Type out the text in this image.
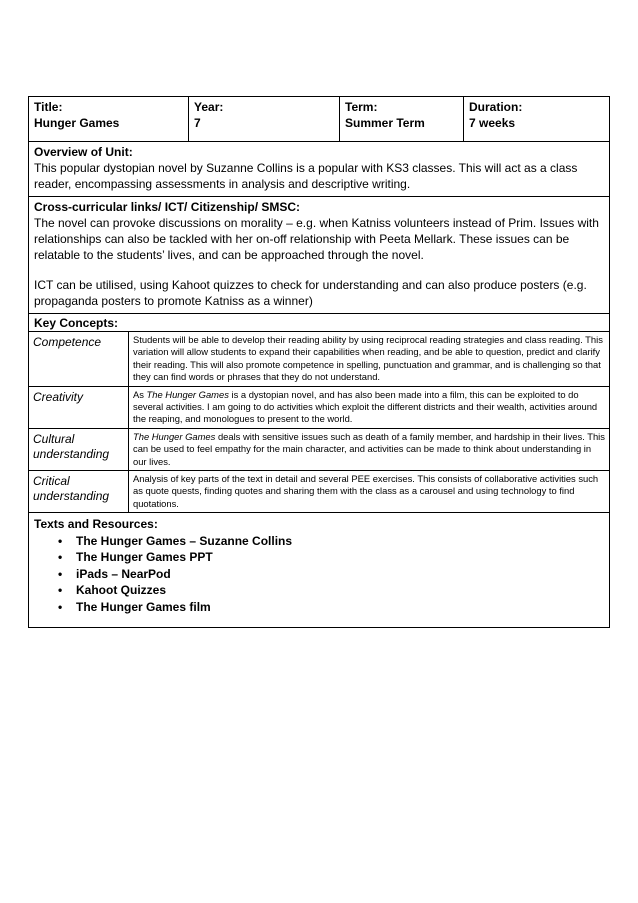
Title:
Hunger Games
Year:
7
Term:
Summer Term
Duration:
7 weeks
Overview of Unit:

This popular dystopian novel by Suzanne Collins is a popular with KS3 classes. This will act as a class reader, encompassing assessments in analysis and descriptive writing.

Cross-curricular links/ ICT/ Citizenship/ SMSC:

The novel can provoke discussions on morality – e.g. when Katniss volunteers instead of Prim. Issues with relationships can also be tackled with her on-off relationship with Peeta Mellark. These issues can be relatable to the students’ lives, and can be approached through the novel.

ICT can be utilised, using Kahoot quizzes to check for understanding and can also produce posters (e.g. propaganda posters to promote Katniss as a winner)

Key Concepts:
Competence	Students will be able to develop their reading ability by using reciprocal reading strategies and class reading. This variation will allow students to expand their capabilities when reading, and be able to question, predict and clarify their reading. This will also promote competence in spelling, punctuation and grammar, and is challenging so that they can find words or phrases that they do not understand.
Creativity	As The Hunger Games is a dystopian novel, and has also been made into a film, this can be exploited to do several activities. I am going to do activities which exploit the different districts and their wealth, activities around the reaping, and monologues to present to the world.
Cultural understanding
The Hunger Games deals with sensitive issues such as death of a family member, and hardship in their lives. This can be used to feel empathy for the main character, and activities can be made to think about understanding in our lives.
Critical understanding
Analysis of key parts of the text in detail and several PEE exercises. This consists of collaborative activities such as quote quests, finding quotes and sharing them with the class as a carousel and using technology to find quotations.
Texts and Resources:
• The Hunger Games – Suzanne Collins
• The Hunger Games PPT
• iPads – NearPod
• Kahoot Quizzes
• The Hunger Games film
